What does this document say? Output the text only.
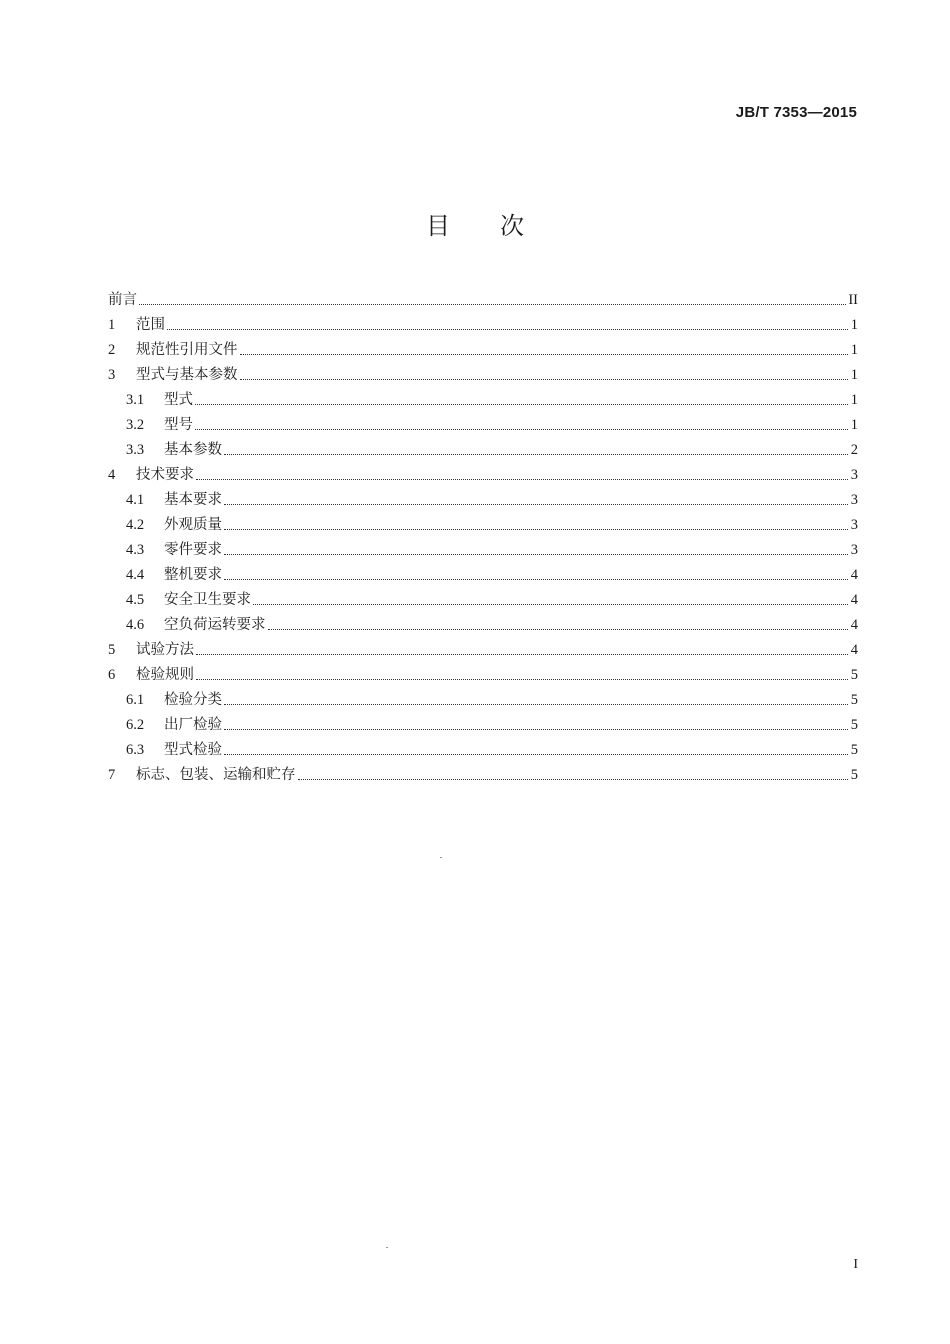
JB/T 7353—2015
目次
前言	II
1	范围	1
2	规范性引用文件	1
3	型式与基本参数	1
3.1	型式	1
3.2	型号	1
3.3	基本参数	2
4	技术要求	3
4.1	基本要求	3
4.2	外观质量	3
4.3	零件要求	3
4.4	整机要求	4
4.5	安全卫生要求	4
4.6	空负荷运转要求	4
5	试验方法	4
6	检验规则	5
6.1	检验分类	5
6.2	出厂检验	5
6.3	型式检验	5
7	标志、包装、运输和贮存	5
I
